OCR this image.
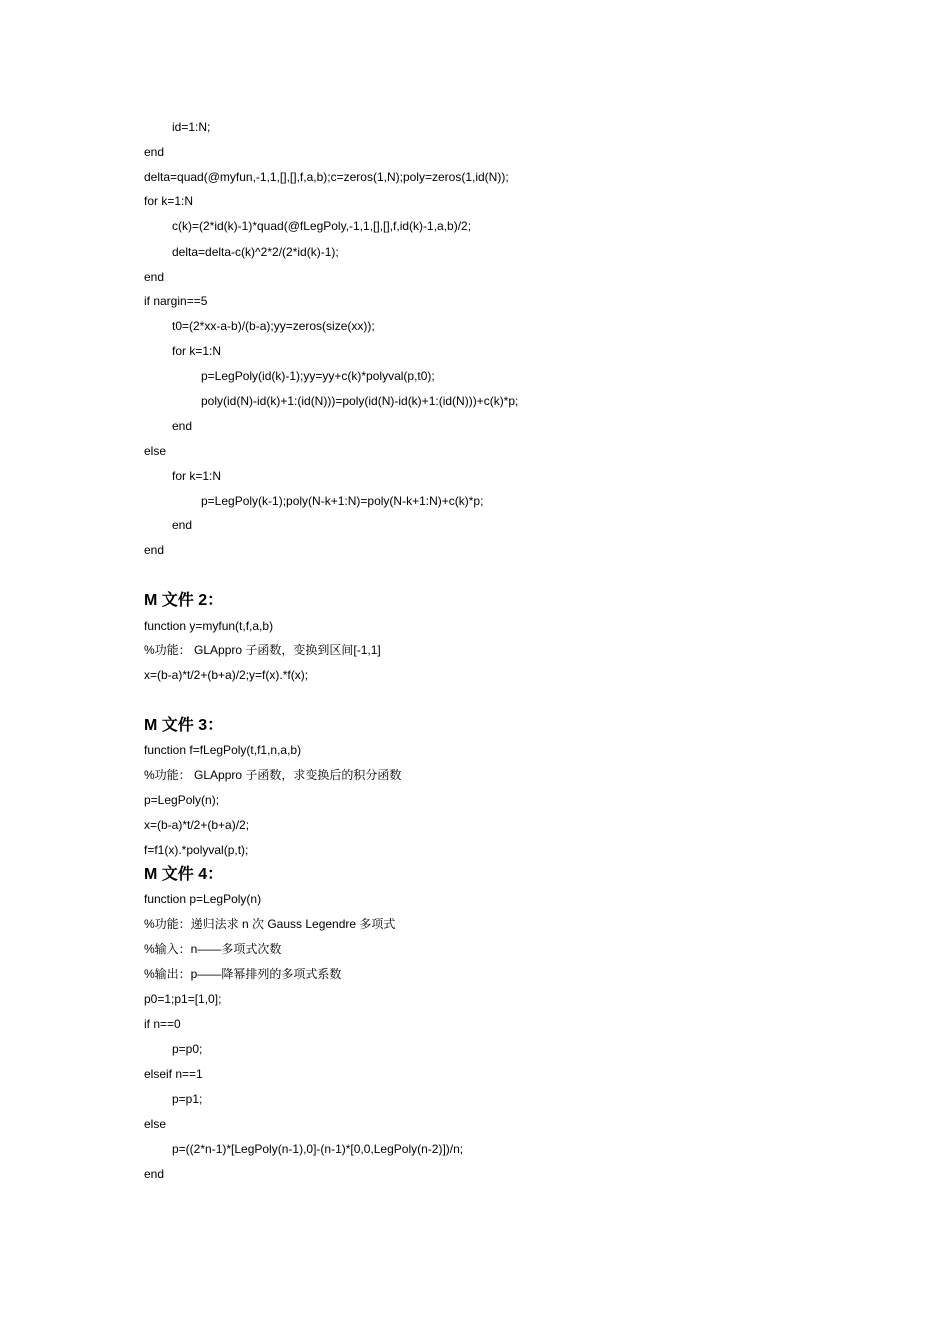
id=1:N;
end
delta=quad(@myfun,-1,1,[],[],f,a,b);c=zeros(1,N);poly=zeros(1,id(N));
for k=1:N
c(k)=(2*id(k)-1)*quad(@fLegPoly,-1,1,[],[],f,id(k)-1,a,b)/2;
delta=delta-c(k)^2*2/(2*id(k)-1);
end
if nargin==5
t0=(2*xx-a-b)/(b-a);yy=zeros(size(xx));
for k=1:N
p=LegPoly(id(k)-1);yy=yy+c(k)*polyval(p,t0);
poly(id(N)-id(k)+1:(id(N)))=poly(id(N)-id(k)+1:(id(N)))+c(k)*p;
end
else
for k=1:N
p=LegPoly(k-1);poly(N-k+1:N)=poly(N-k+1:N)+c(k)*p;
end
end
M 文件 2：
function y=myfun(t,f,a,b)
%功能： GLAppro 子函数，变换到区间[-1,1]
x=(b-a)*t/2+(b+a)/2;y=f(x).*f(x);
M 文件 3：
function f=fLegPoly(t,f1,n,a,b)
%功能： GLAppro 子函数，求变换后的积分函数
p=LegPoly(n);
x=(b-a)*t/2+(b+a)/2;
f=f1(x).*polyval(p,t);
M 文件 4：
function p=LegPoly(n)
%功能：递归法求 n 次 Gauss Legendre 多项式
%输入：n——多项式次数
%输出：p——降幂排列的多项式系数
p0=1;p1=[1,0];
if n==0
p=p0;
elseif n==1
p=p1;
else
p=((2*n-1)*[LegPoly(n-1),0]-(n-1)*[0,0,LegPoly(n-2)])/n;
end
